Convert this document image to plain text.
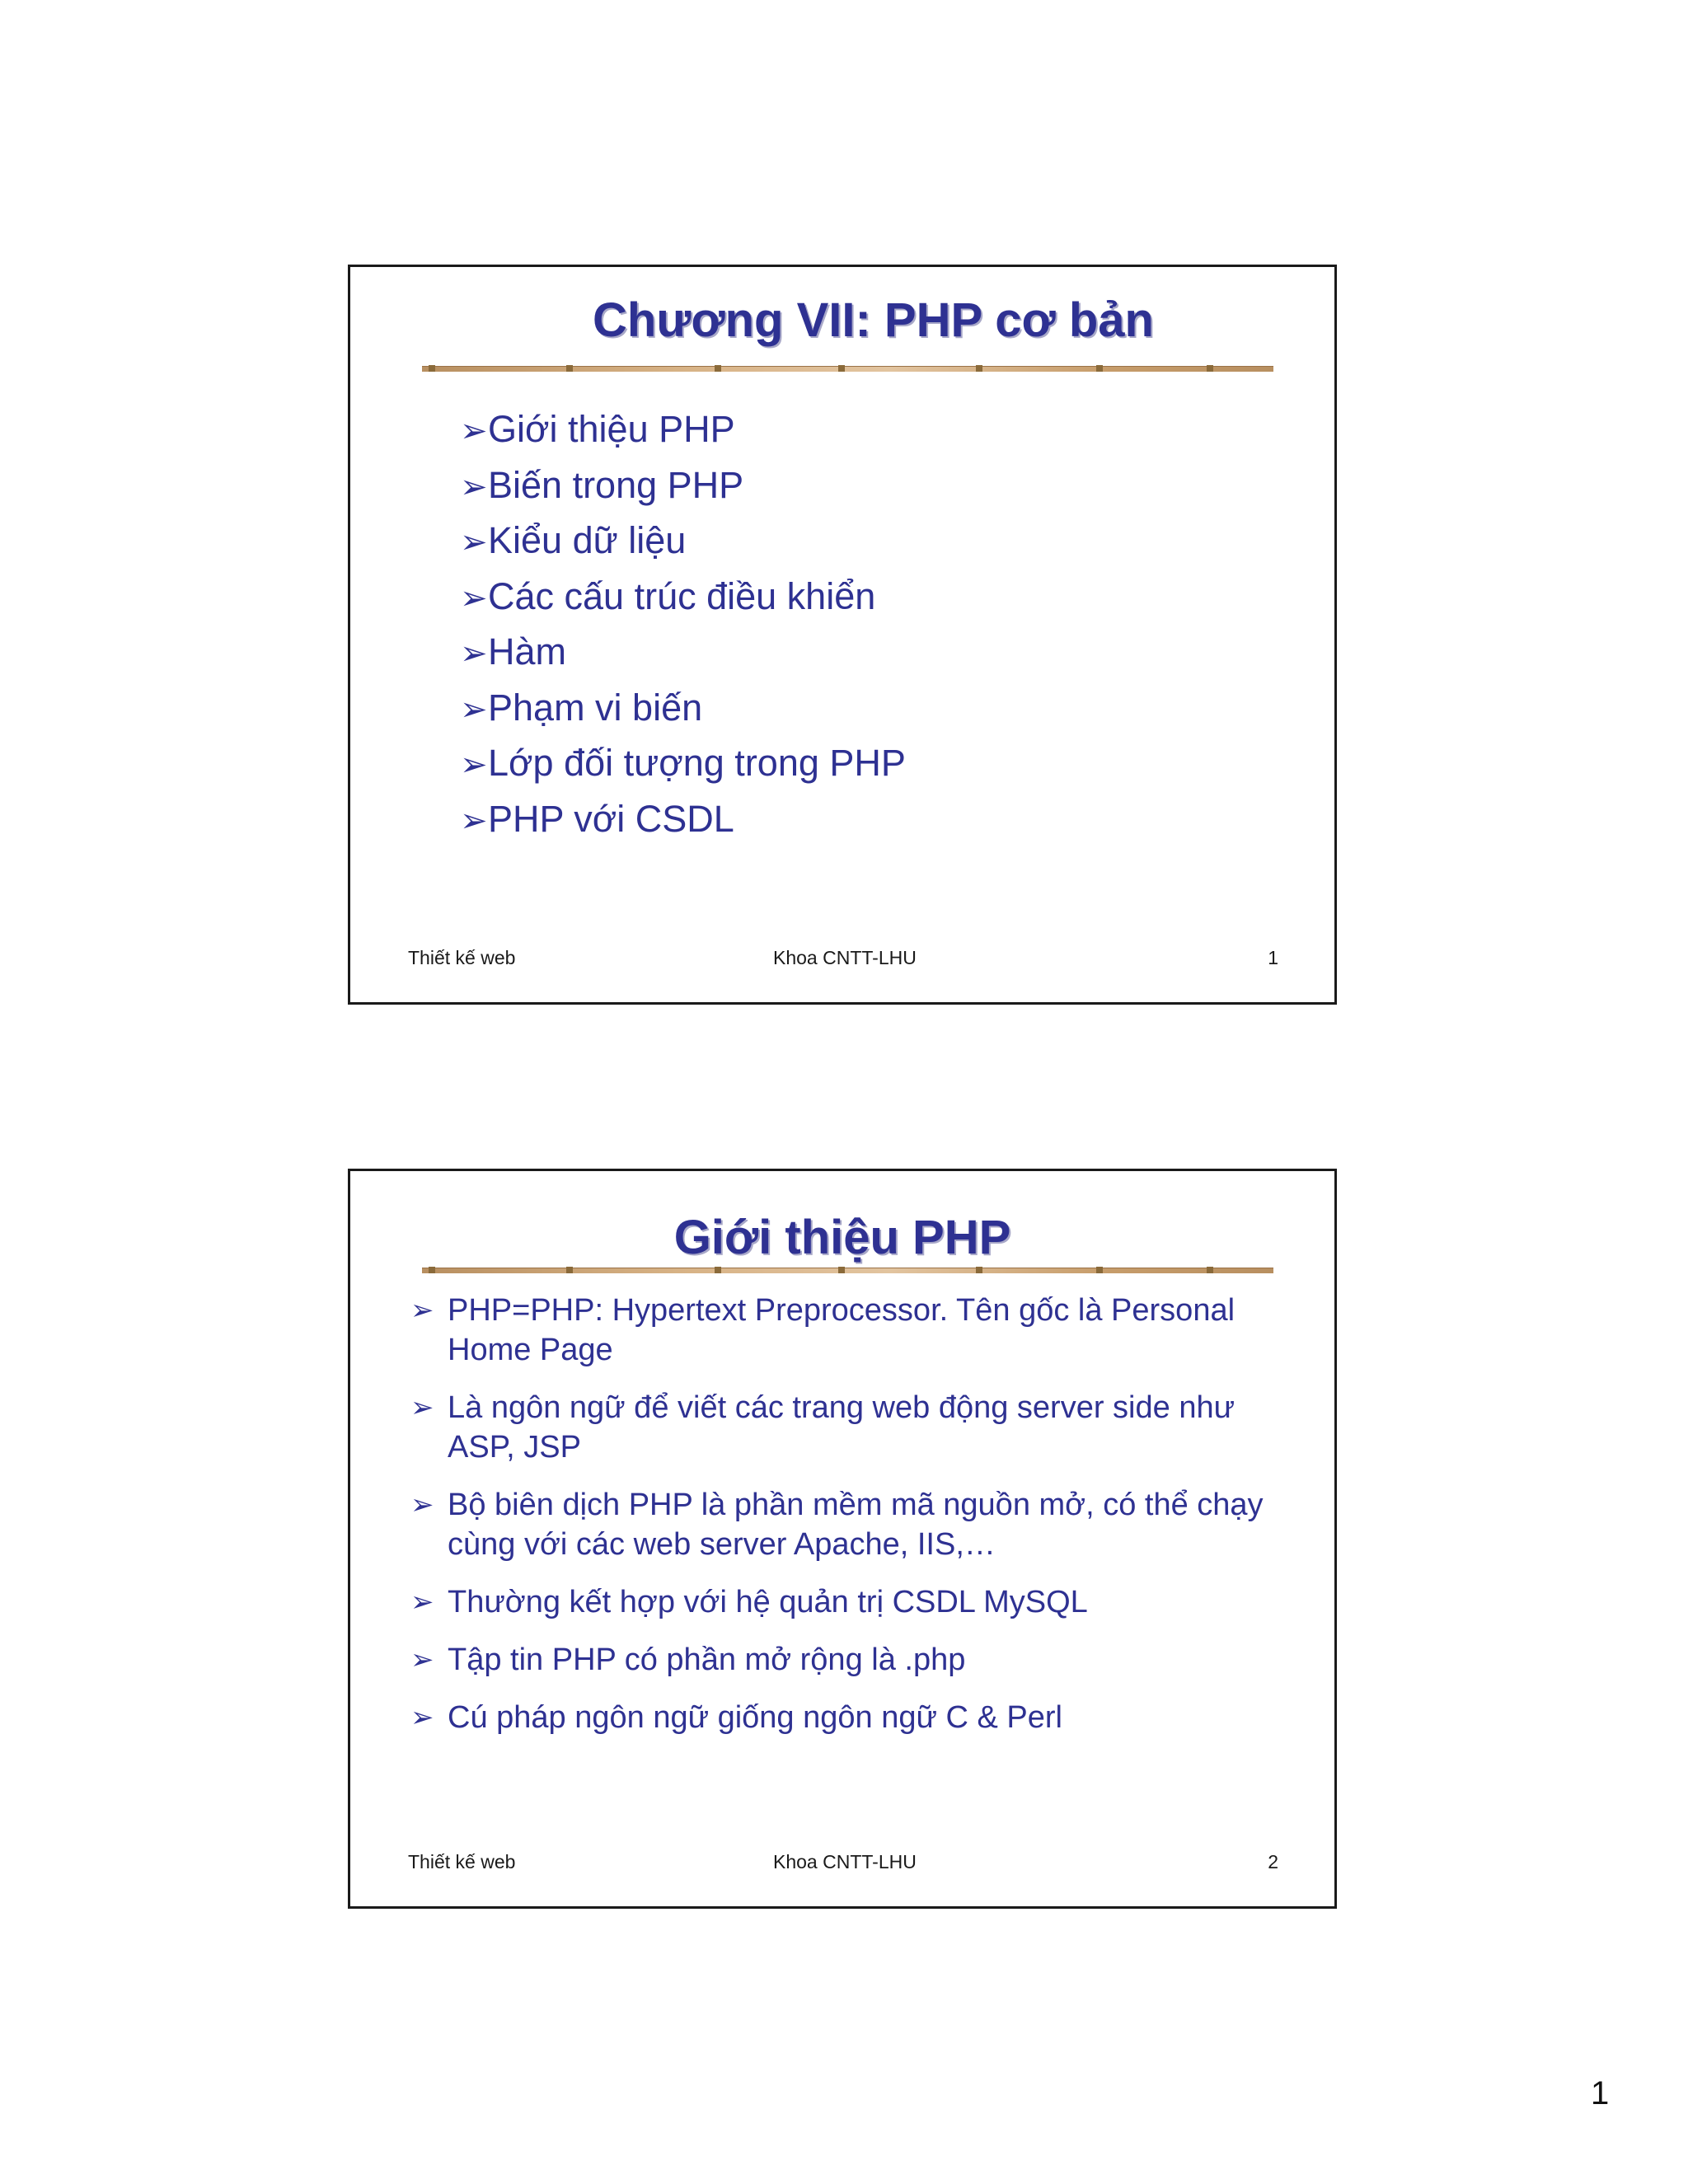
Chương VII: PHP cơ bản
➢Giới thiệu PHP
➢Biến trong PHP
➢Kiểu dữ liệu
➢Các cấu trúc điều khiển
➢Hàm
➢Phạm vi biến
➢Lớp đối tượng trong PHP
➢PHP với CSDL
Thiết kế web	Khoa CNTT-LHU	1
Giới thiệu PHP
➢ PHP=PHP: Hypertext Preprocessor. Tên gốc là Personal Home Page
➢ Là ngôn ngữ để viết các trang web động server side như ASP, JSP
➢ Bộ biên dịch PHP là phần mềm mã nguồn mở, có thể chạy cùng với các web server Apache, IIS,…
➢ Thường kết hợp với hệ quản trị CSDL MySQL
➢ Tập tin PHP có phần mở rộng là .php
➢ Cú pháp ngôn ngữ giống ngôn ngữ C & Perl
Thiết kế web	Khoa CNTT-LHU	2
1
